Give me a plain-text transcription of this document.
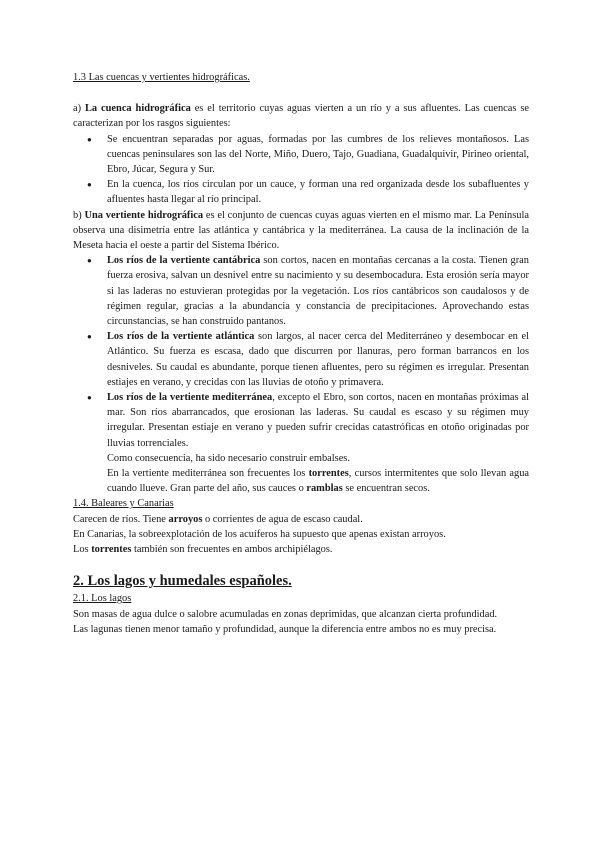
1.3 Las cuencas y vertientes hidrográficas.

a) La cuenca hidrográfica es el territorio cuyas aguas vierten a un río y a sus afluentes. Las cuencas se caracterizan por los rasgos siguientes:

● Se encuentran separadas por aguas, formadas por las cumbres de los relieves montañosos. Las cuencas peninsulares son las del Norte, Miño, Duero, Tajo, Guadiana, Guadalquivir, Pirineo oriental, Ebro, Júcar, Segura y Sur.
● En la cuenca, los ríos circulan por un cauce, y forman una red organizada desde los subafluentes y afluentes hasta llegar al río principal.

b) Una vertiente hidrográfica es el conjunto de cuencas cuyas aguas vierten en el mismo mar. La Península observa una disimetría entre las atlántica y cantábrica y la mediterránea. La causa de la inclinación de la Meseta hacia el oeste a partir del Sistema Ibérico.

● Los ríos de la vertiente cantábrica son cortos, nacen en montañas cercanas a la costa. Tienen gran fuerza erosiva, salvan un desnivel entre su nacimiento y su desembocadura. Esta erosión sería mayor si las laderas no estuvieran protegidas por la vegetación. Los ríos cantábricos son caudalosos y de régimen regular, gracias a la abundancia y constancia de precipitaciones. Aprovechando estas circunstancias, se han construido pantanos.
● Los ríos de la vertiente atlántica son largos, al nacer cerca del Mediterráneo y desembocar en el Atlántico. Su fuerza es escasa, dado que discurren por llanuras, pero forman barrancos en los desniveles. Su caudal es abundante, porque tienen afluentes, pero su régimen es irregular. Presentan estiajes en verano, y crecidas con las lluvias de otoño y primavera.
● Los ríos de la vertiente mediterránea, excepto el Ebro, son cortos, nacen en montañas próximas al mar. Son ríos abarrancados, que erosionan las laderas. Su caudal es escaso y su régimen muy irregular. Presentan estiaje en verano y pueden sufrir crecidas catastróficas en otoño originadas por lluvias torrenciales.

Como consecuencia, ha sido necesario construir embalses.

En la vertiente mediterránea son frecuentes los torrentes, cursos intermitentes que solo llevan agua cuando llueve. Gran parte del año, sus cauces o ramblas se encuentran secos.

1.4. Baleares y Canarias

Carecen de ríos. Tiene arroyos o corrientes de agua de escaso caudal.

En Canarias, la sobreexplotación de los acuíferos ha supuesto que apenas existan arroyos.

Los torrentes también son frecuentes en ambos archipiélagos.

2. Los lagos y humedales españoles.

2.1. Los lagos

Son masas de agua dulce o salobre acumuladas en zonas deprimidas, que alcanzan cierta profundidad.

Las lagunas tienen menor tamaño y profundidad, aunque la diferencia entre ambos no es muy precisa.
